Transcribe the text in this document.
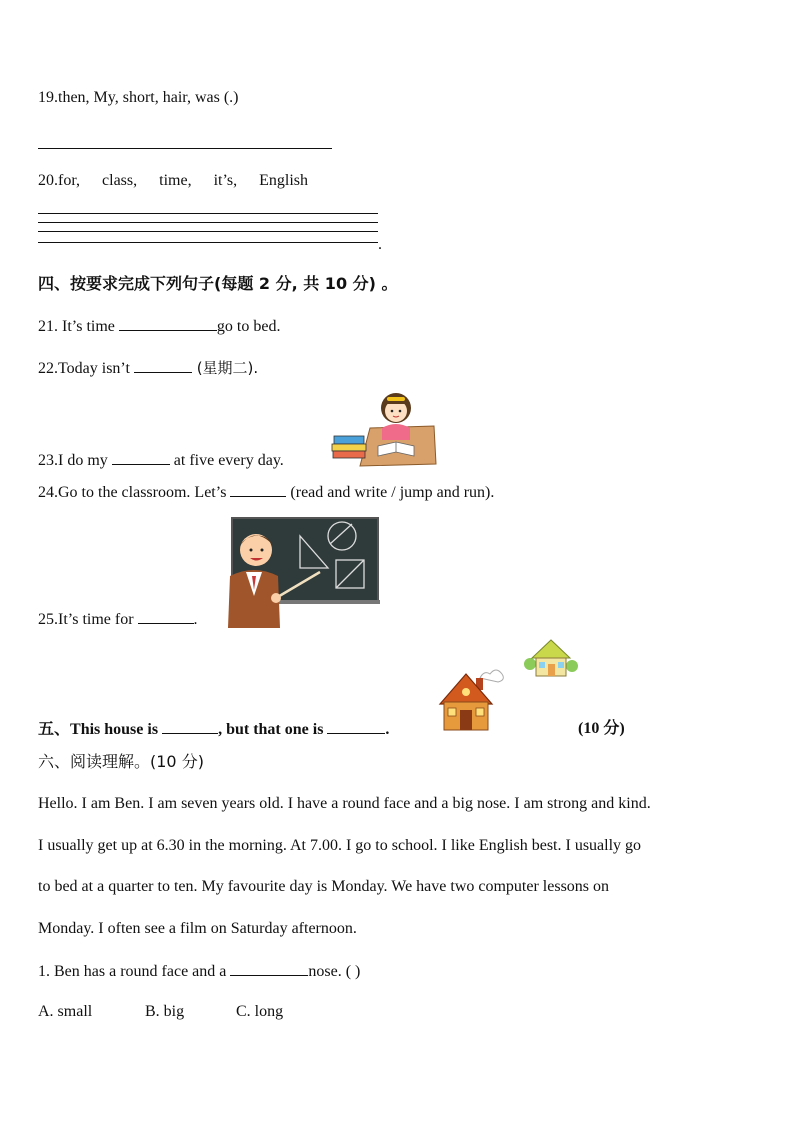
19.then, My, short, hair, was (.)
20.for, class, time, it’s, English
.
四、按要求完成下列句子(每题 2 分, 共 10 分) 。
21. It’s time	go to bed.
22.Today isn’t	(星期二).
23.I do my	at five every day.
24.Go to the classroom. Let’s	(read and write / jump and run).
25.It’s time for	.
五、This house is	, but that one is	.	(10 分)
六、阅读理解。(10 分)
Hello. I am Ben. I am seven years old. I have a round face and a big nose. I am strong and kind.
I usually get up at 6.30 in the morning. At 7.00. I go to school. I like English best. I usually go
to bed at a quarter to ten. My favourite day is Monday. We have two computer lessons on
Monday. I often see a film on Saturday afternoon.
1. Ben has a round face and a	nose. ( )
A. small	B. big	C. long
